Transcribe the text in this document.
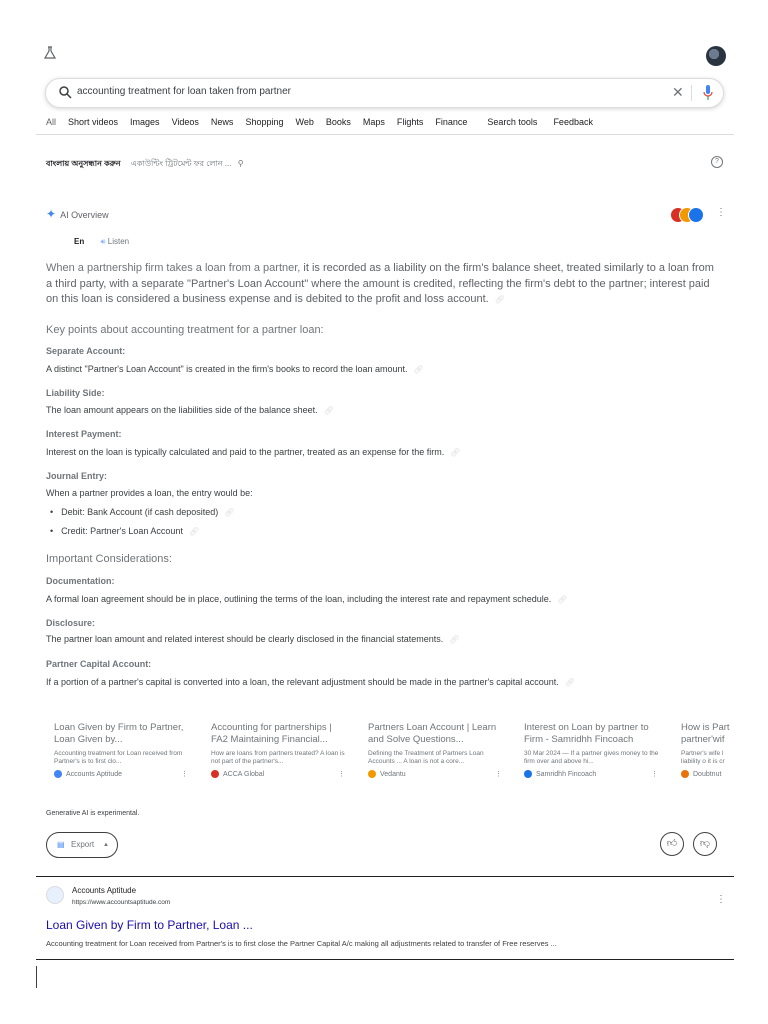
accounting treatment for loan taken from partner	✕
All Short videos Images Videos News Shopping Web Books Maps Flights Finance Search tools Feedback
বাংলায় অনুসন্ধান করুন একাউন্টিং ট্রিটমেন্ট ফর লোন ... ⚲	?
✦ AI Overview	⋮
En 🔊︎ Listen
When a partnership firm takes a loan from a partner, it is recorded as a liability on the firm's balance sheet, treated similarly to a loan from a third party, with a separate "Partner's Loan Account" where the amount is credited, reflecting the firm's debt to the partner; interest paid on this loan is considered a business expense and is debited to the profit and loss account. 🔗︎
Key points about accounting treatment for a partner loan:
Separate Account:
A distinct "Partner's Loan Account" is created in the firm's books to record the loan amount. 🔗︎
Liability Side:
The loan amount appears on the liabilities side of the balance sheet. 🔗︎
Interest Payment:
Interest on the loan is typically calculated and paid to the partner, treated as an expense for the firm. 🔗︎
Journal Entry:
When a partner provides a loan, the entry would be:
• Debit: Bank Account (if cash deposited) 🔗︎
• Credit: Partner's Loan Account 🔗︎
Important Considerations:
Documentation:
A formal loan agreement should be in place, outlining the terms of the loan, including the interest rate and repayment schedule. 🔗︎
Disclosure:
The partner loan amount and related interest should be clearly disclosed in the financial statements. 🔗︎
Partner Capital Account:
If a portion of a partner's capital is converted into a loan, the relevant adjustment should be made in the partner's capital account. 🔗︎
Loan Given by Firm to Partner, Loan Given by...
Accounting treatment for Loan received from Partner's is to first clo...
Accounts Aptitude	⋮
Accounting for partnerships | FA2 Maintaining Financial...
How are loans from partners treated? A loan is not part of the partner's...
ACCA Global	⋮
Partners Loan Account | Learn and Solve Questions...
Defining the Treatment of Partners Loan Accounts ... A loan is not a core...
Vedantu	⋮
Interest on Loan by partner to Firm - Samridhh Fincoach
30 Mar 2024 — If a partner gives money to the firm over and above hi...
Samridhh Fincoach	⋮
How is Part partner'wif
Partner's wife l liability o it is cr
Doubtnut
Generative AI is experimental.
▤ Export ▲	👍︎	👎︎
Accounts Aptitude
https://www.accountsaptitude.com	⋮
Loan Given by Firm to Partner, Loan ...
Accounting treatment for Loan received from Partner's is to first close the Partner Capital A/c making all adjustments related to transfer of Free reserves ...
